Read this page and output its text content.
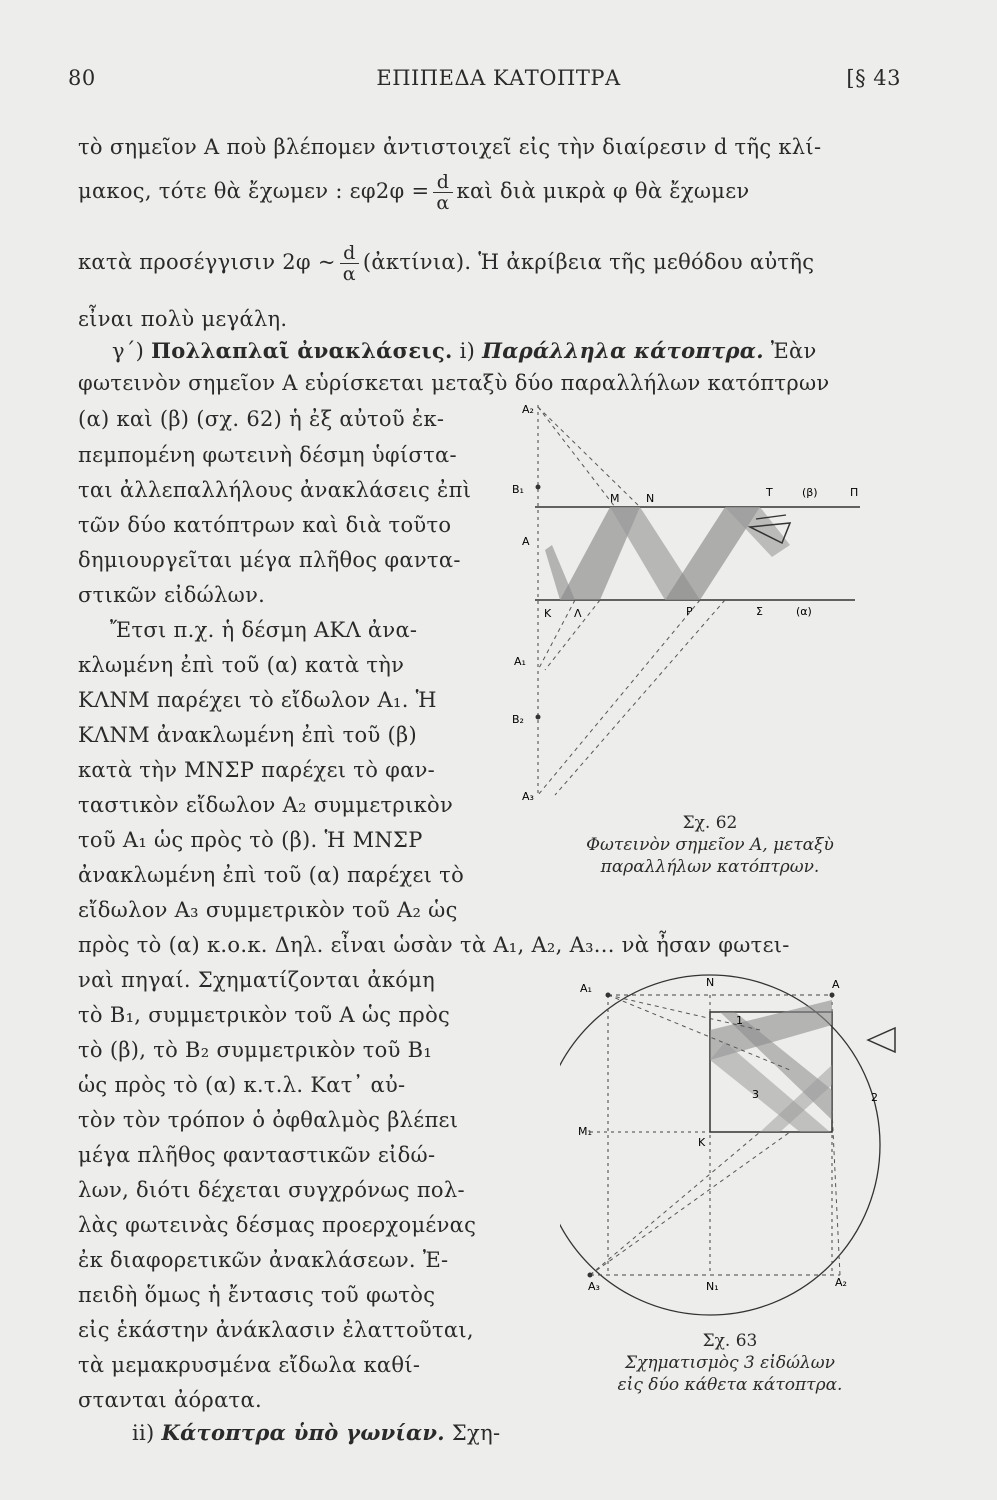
80	ΕΠΙΠΕΔΑ ΚΑΤΟΠΤΡΑ	[§ 43
τὸ σημεῖον Α ποὺ βλέπομεν ἀντιστοιχεῖ εἰς τὴν διαίρεσιν d τῆς κλί-
μακος, τότε θὰ ἔχωμεν : $\varepsilon\varphi 2\varphi = \frac{d}{\alpha}$ καὶ διὰ μικρὰ φ θὰ ἔχωμεν
κατὰ προσέγγισιν 2φ ~ $\frac{d}{\alpha}$ (ἀκτίνια). Ἡ ἀκρίβεια τῆς μεθόδου αὐτῆς
εἶναι πολὺ μεγάλη.
γ΄) Πολλαπλαῖ ἀνακλάσεις. i) Παράλληλα κάτοπτρα. Ἐὰν
φωτεινὸν σημεῖον Α εὑρίσκεται μεταξὺ δύο παραλλήλων κατόπτρων
(α) καὶ (β) (σχ. 62) ἡ ἐξ αὐτοῦ ἐκ-
πεμπομένη φωτεινὴ δέσμη ὑφίστα-
ται ἀλλεπαλλήλους ἀνακλάσεις ἐπὶ
τῶν δύο κατόπτρων καὶ διὰ τοῦτο
δημιουργεῖται μέγα πλῆθος φαντα-
στικῶν εἰδώλων.
Ἔτσι π.χ. ἡ δέσμη ΑΚΛ ἀνα-
κλωμένη ἐπὶ τοῦ (α) κατὰ τὴν
ΚΛΝΜ παρέχει τὸ εἴδωλον Α₁. Ἡ
ΚΛΝΜ ἀνακλωμένη ἐπὶ τοῦ (β)
κατὰ τὴν ΜΝΣΡ παρέχει τὸ φαν-
ταστικὸν εἴδωλον Α₂ συμμετρικὸν
τοῦ Α₁ ὡς πρὸς τὸ (β). Ἡ ΜΝΣΡ
ἀνακλωμένη ἐπὶ τοῦ (α) παρέχει τὸ
εἴδωλον Α₃ συμμετρικὸν τοῦ Α₂ ὡς
πρὸς τὸ (α) κ.ο.κ. Δηλ. εἶναι ὡσὰν τὰ Α₁, Α₂, Α₃... νὰ ἦσαν φωτει-
ναὶ πηγαί. Σχηματίζονται ἀκόμη
τὸ Β₁, συμμετρικὸν τοῦ Α ὡς πρὸς
τὸ (β), τὸ Β₂ συμμετρικὸν τοῦ Β₁
ὡς πρὸς τὸ (α) κ.τ.λ. Κατ᾽ αὐ-
τὸν τὸν τρόπον ὁ ὀφθαλμὸς βλέπει
μέγα πλῆθος φανταστικῶν εἰδώ-
λων, διότι δέχεται συγχρόνως πολ-
λὰς φωτεινὰς δέσμας προερχομένας
ἐκ διαφορετικῶν ἀνακλάσεων. Ἐ-
πειδὴ ὅμως ἡ ἔντασις τοῦ φωτὸς
εἰς ἑκάστην ἀνάκλασιν ἐλαττοῦται,
τὰ μεμακρυσμένα εἴδωλα καθί-
στανται ἀόρατα.
ii) Κάτοπτρα ὑπὸ γωνίαν. Σχη-
A₂
B₁
A
A₁
B₂
A₃
M N	T	(β)	Π
K Λ	P	Σ	(α)
Σχ. 62
Φωτεινὸν σημεῖον Α, μεταξὺ
παραλλήλων κατόπτρων.
A₁	N	A
M₁
K
A₃	N₁	A₂
1
2
3
Σχ. 63
Σχηματισμὸς 3 εἰδώλων
εἰς δύο κάθετα κάτοπτρα.
